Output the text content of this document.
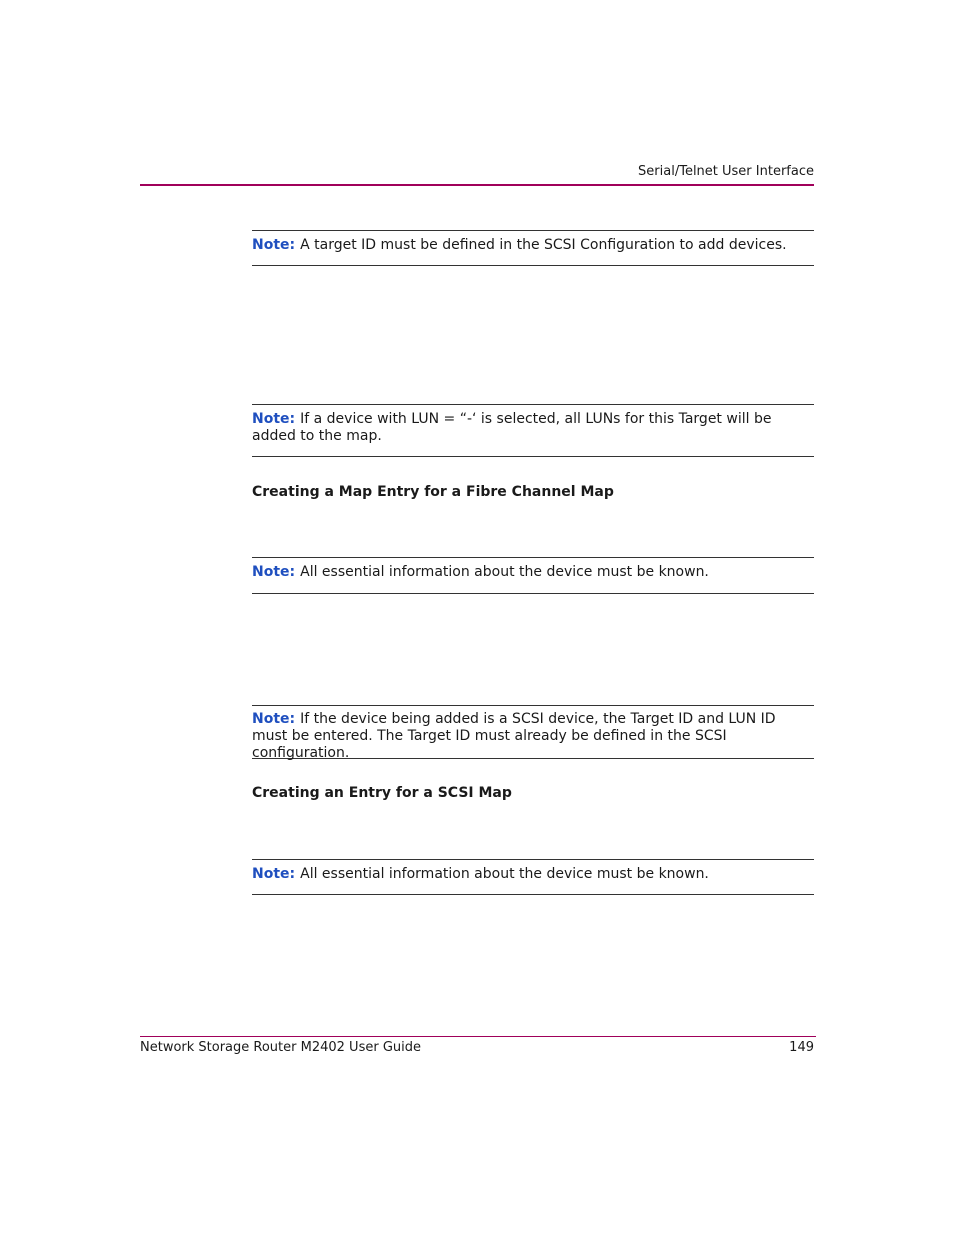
Serial/Telnet User Interface
Note: A target ID must be defined in the SCSI Configuration to add devices.
Note: If a device with LUN = “-‘ is selected, all LUNs for this Target will be added to the map.
Creating a Map Entry for a Fibre Channel Map
Note: All essential information about the device must be known.
Note: If the device being added is a SCSI device, the Target ID and LUN ID must be entered. The Target ID must already be defined in the SCSI configuration.
Creating an Entry for a SCSI Map
Note: All essential information about the device must be known.
Network Storage Router M2402 User Guide	149
